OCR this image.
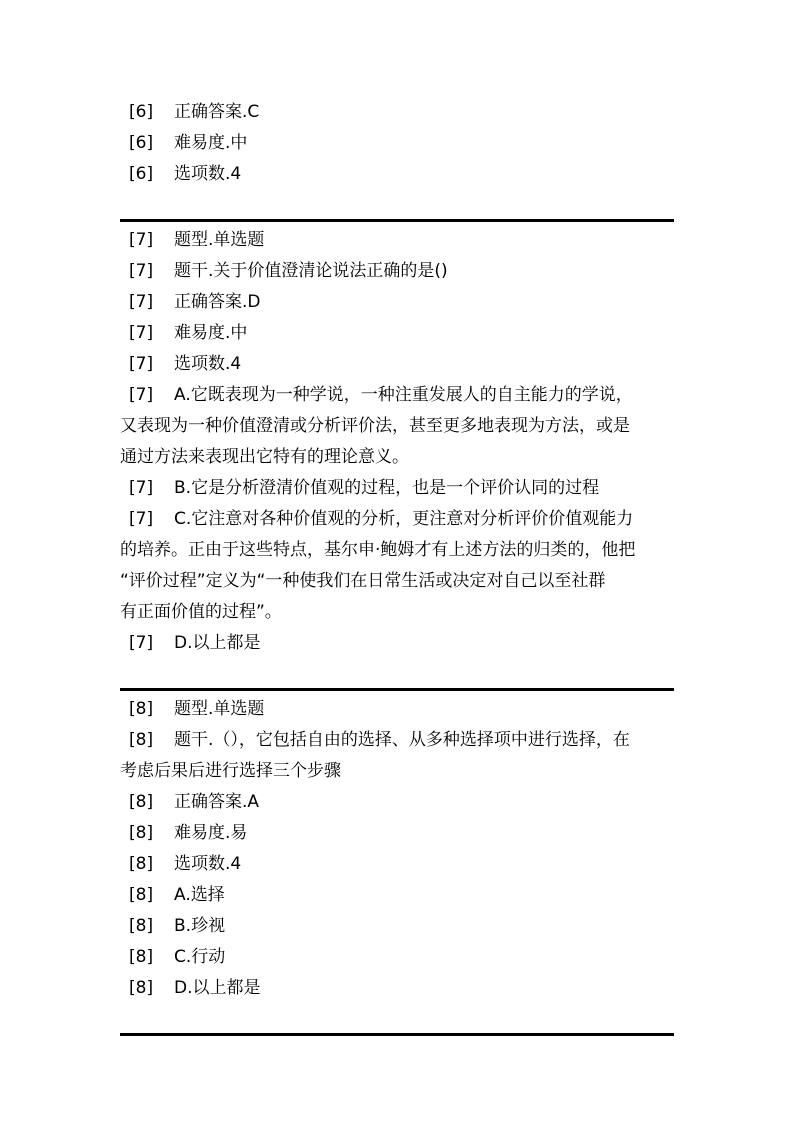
[6] 正确答案.C
[6] 难易度.中
[6] 选项数.4
[7] 题型.单选题
[7] 题干.关于价值澄清论说法正确的是()
[7] 正确答案.D
[7] 难易度.中
[7] 选项数.4
[7] A.它既表现为一种学说，一种注重发展人的自主能力的学说，
又表现为一种价值澄清或分析评价法，甚至更多地表现为方法，或是
通过方法来表现出它特有的理论意义。
[7] B.它是分析澄清价值观的过程，也是一个评价认同的过程
[7] C.它注意对各种价值观的分析，更注意对分析评价价值观能力
的培养。正由于这些特点，基尔申·鲍姆才有上述方法的归类的，他把
“评价过程”定义为“一种使我们在日常生活或决定对自己以至社群
有正面价值的过程”。
[7] D.以上都是
[8] 题型.单选题
[8] 题干.（），它包括自由的选择、从多种选择项中进行选择，在
考虑后果后进行选择三个步骤
[8] 正确答案.A
[8] 难易度.易
[8] 选项数.4
[8] A.选择
[8] B.珍视
[8] C.行动
[8] D.以上都是
